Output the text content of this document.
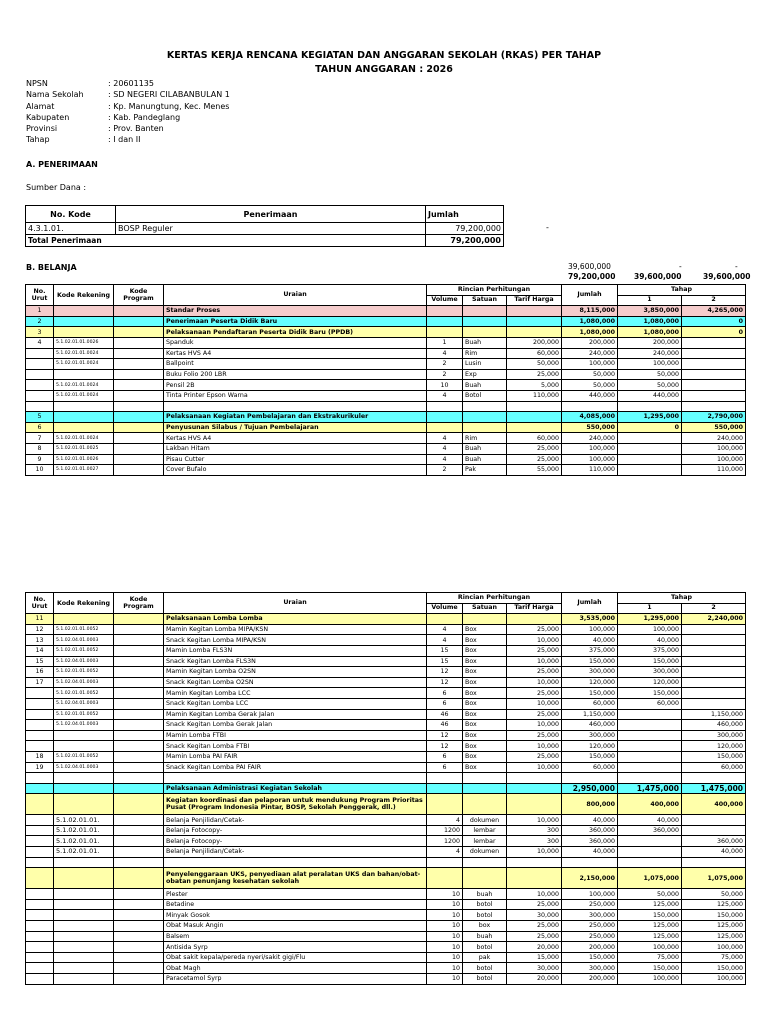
KERTAS KERJA RENCANA KEGIATAN DAN ANGGARAN SEKOLAH (RKAS) PER TAHAP
TAHUN ANGGARAN : 2026
NPSN	: 20601135
Nama Sekolah	: SD NEGERI CILABANBULAN 1
Alamat	: Kp. Manungtung, Kec. Menes
Kabupaten	: Kab. Pandeglang
Provinsi	: Prov. Banten
Tahap	: I dan II
A. PENERIMAAN
Sumber Dana :
No. Kode	Penerimaan	Jumlah
4.3.1.01.	BOSP Reguler	79,200,000
Total Penerimaan		79,200,000
-
B. BELANJA	39,600,000
79,200,000
-
39,600,000
-
39,600,000
No. Urut	Kode Rekening	Kode Program	Uraian	Rincian Perhitungan			Jumlah	Tahap	
				Volume	Satuan	Tarif Harga		1	2
1			Standar Proses				8,115,000	3,850,000	4,265,000
2			Penerimaan Peserta Didik Baru				1,080,000	1,080,000	0
3			Pelaksanaan Pendaftaran Peserta Didik Baru (PPDB)				1,080,000	1,080,000	0
4	5.1.02.01.01.0026		Spanduk	1	Buah	200,000	200,000	200,000	
	5.1.02.01.01.0024		Kertas HVS A4	4	Rim	60,000	240,000	240,000	
	5.1.02.01.01.0024		Ballpoint	2	Lusin	50,000	100,000	100,000	
			Buku Folio 200 LBR	2	Exp	25,000	50,000	50,000	
	5.1.02.01.01.0024		Pensil 2B	10	Buah	5,000	50,000	50,000	
	5.1.02.01.01.0024		Tinta Printer Epson Warna	4	Botol	110,000	440,000	440,000	

5			Pelaksanaan Kegiatan Pembelajaran dan Ekstrakurikuler				4,085,000	1,295,000	2,790,000
6			Penyusunan Silabus / Tujuan Pembelajaran				550,000	0	550,000
7	5.1.02.01.01.0024		Kertas HVS A4	4	Rim	60,000	240,000		240,000
8	5.1.02.01.01.0025		Lakban Hitam	4	Buah	25,000	100,000		100,000
9	5.1.02.01.01.0026		Pisau Cutter	4	Buah	25,000	100,000		100,000
10	5.1.02.01.01.0027		Cover Bufalo	2	Pak	55,000	110,000		110,000
No. Urut	Kode Rekening	Kode Program	Uraian	Rincian Perhitungan			Jumlah	Tahap	
				Volume	Satuan	Tarif Harga		1	2
11			Pelaksanaan Lomba Lomba				3,535,000	1,295,000	2,240,000
12	5.1.02.01.01.0052		Mamin Kegitan Lomba MIPA/KSN	4	Box	25,000	100,000	100,000	
13	5.1.02.04.01.0003		Snack Kegitan Lomba MIPA/KSN	4	Box	10,000	40,000	40,000	
14	5.1.02.01.01.0052		Mamin Lomba FLS3N	15	Box	25,000	375,000	375,000	
15	5.1.02.04.01.0003		Snack Kegitan Lomba FLS3N	15	Box	10,000	150,000	150,000	
16	5.1.02.01.01.0052		Mamin Kegitan Lomba O2SN	12	Box	25,000	300,000	300,000	
17	5.1.02.04.01.0003		Snack Kegitan Lomba O2SN	12	Box	10,000	120,000	120,000	
	5.1.02.01.01.0052		Mamin Kegitan Lomba LCC	6	Box	25,000	150,000	150,000	
	5.1.02.04.01.0003		Snack Kegitan Lomba LCC	6	Box	10,000	60,000	60,000	
	5.1.02.01.01.0052		Mamin Kegitan Lomba Gerak Jalan	46	Box	25,000	1,150,000		1,150,000
	5.1.02.04.01.0003		Snack Kegitan Lomba Gerak Jalan	46	Box	10,000	460,000		460,000
			Mamin Lomba FTBI	12	Box	25,000	300,000		300,000
			Snack Kegitan Lomba FTBI	12	Box	10,000	120,000		120,000
18	5.1.02.01.01.0052		Mamin Lomba PAI FAIR	6	Box	25,000	150,000		150,000
19	5.1.02.04.01.0003		Snack Kegitan Lomba PAI FAIR	6	Box	10,000	60,000		60,000

			Pelaksanaan Administrasi Kegiatan Sekolah				2,950,000	1,475,000	1,475,000
			Kegiatan koordinasi dan pelaporan untuk mendukung Program Prioritas Pusat (Program Indonesia Pintar, BOSP, Sekolah Penggerak, dll.)				800,000	400,000	400,000
	5.1.02.01.01.		Belanja Penjilidan/Cetak-	4	dokumen	10,000	40,000	40,000	
	5.1.02.01.01.		Belanja Fotocopy-	1200	lembar	300	360,000	360,000	
	5.1.02.01.01.		Belanja Fotocopy-	1200	lembar	300	360,000		360,000
	5.1.02.01.01.		Belanja Penjilidan/Cetak-	4	dokumen	10,000	40,000		40,000

			Penyelenggaraan UKS, penyediaan alat peralatan UKS dan bahan/obat-obatan penunjang kesehatan sekolah				2,150,000	1,075,000	1,075,000
			Plester	10	buah	10,000	100,000	50,000	50,000
			Betadine	10	botol	25,000	250,000	125,000	125,000
			Minyak Gosok	10	botol	30,000	300,000	150,000	150,000
			Obat Masuk Angin	10	box	25,000	250,000	125,000	125,000
			Balsem	10	buah	25,000	250,000	125,000	125,000
			Antisida Syrp	10	botol	20,000	200,000	100,000	100,000
			Obat sakit kepala/pereda nyeri/sakit gigi/Flu	10	pak	15,000	150,000	75,000	75,000
			Obat Magh	10	botol	30,000	300,000	150,000	150,000
			Paracetamol Syrp	10	botol	20,000	200,000	100,000	100,000
